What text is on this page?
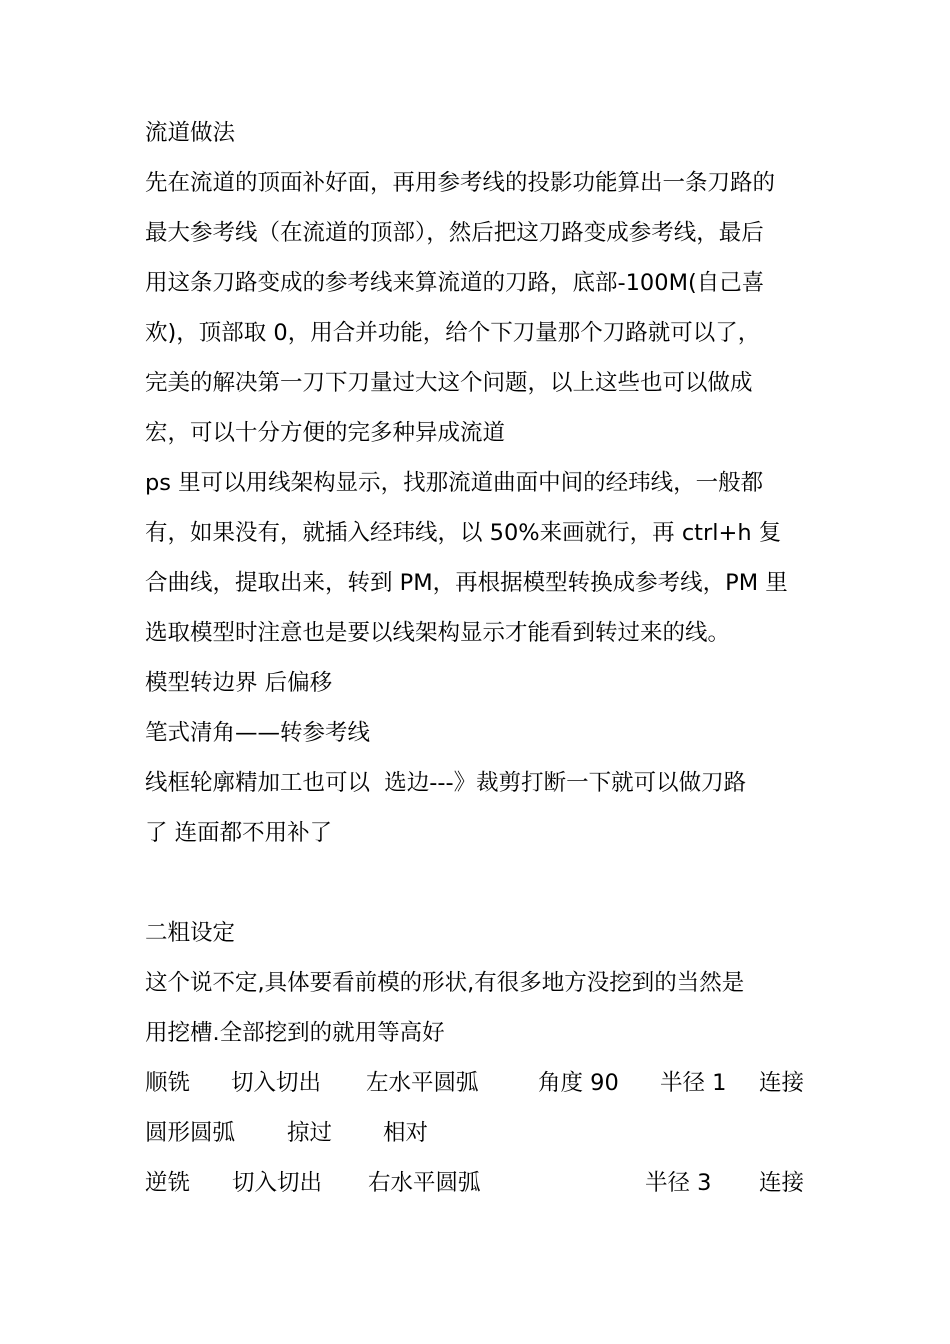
流道做法
先在流道的顶面补好面，再用参考线的投影功能算出一条刀路的
最大参考线（在流道的顶部），然后把这刀路变成参考线，最后
用这条刀路变成的参考线来算流道的刀路，底部-100M(自己喜
欢)，顶部取 0，用合并功能，给个下刀量那个刀路就可以了，
完美的解决第一刀下刀量过大这个问题，以上这些也可以做成
宏，可以十分方便的完多种异成流道
ps 里可以用线架构显示，找那流道曲面中间的经玮线，一般都
有，如果没有，就插入经玮线，以 50%来画就行，再 ctrl+h 复
合曲线，提取出来，转到 PM，再根据模型转换成参考线，PM 里
选取模型时注意也是要以线架构显示才能看到转过来的线。
模型转边界 后偏移
笔式清角——转参考线
线框轮廓精加工也可以  选边---》裁剪打断一下就可以做刀路
了 连面都不用补了
二粗设定
这个说不定,具体要看前模的形状,有很多地方没挖到的当然是
用挖槽.全部挖到的就用等高好
顺铣 切入切出 左水平圆弧	角度 90 半径 1 连接
圆形圆弧 掠过 相对
逆铣 切入切出 右水平圆弧	半径 3 连接
